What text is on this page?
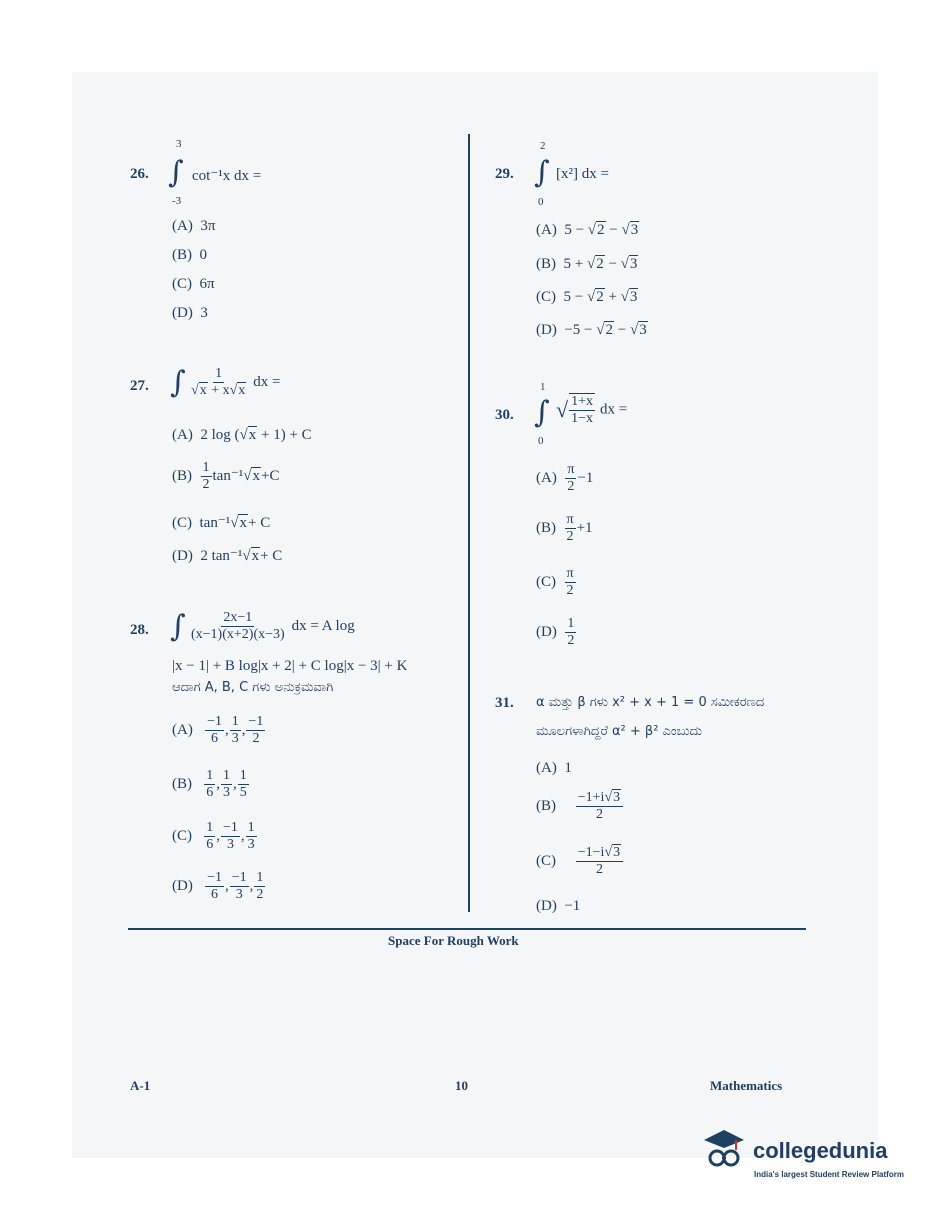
3
26. ∫ cot⁻¹x dx =
-3
(A) 3π
(B) 0
(C) 6π
(D) 3
27. ∫ $\frac{1}{√x + x√x}$ dx =
(A) 2 log (√x + 1) + C
$(B) \frac{1}{2} \tan^{-1}√x+C$
(C) tan⁻¹√x+ C
(D) 2 tan⁻¹√x+ C
28. ∫ $\frac{2x-1}{(x-1)(x+2)(x-3)}$ dx = A log
|x − 1| + B log|x + 2| + C log|x − 3| + K
ಆದಾಗ A, B, C ಗಳು ಅನುಕ್ರಮವಾಗಿ
$(A) \frac{-1}{6}$ , $\frac{1}{3}$ , $\frac{-1}{2}$
$(B) \frac{1}{6}$ , $\frac{1}{3}$ , $\frac{1}{5}$
$(C) \frac{1}{6}$ , $\frac{-1}{3}$ , $\frac{1}{3}$
$(D) \frac{-1}{6}$ , $\frac{-1}{3}$ , $\frac{1}{2}$
2
29. ∫ [x²] dx =
0
(A) 5 − √2 − √3
(B) 5 + √2 − √3
(C) 5 − √2 + √3
(D) −5 − √2 − √3
1
30. ∫ √ $\frac{1+x}{1-x}$ dx =
0
$(A) \frac{\pi}{2} -1$
$(B) \frac{\pi}{2} +1$
$(C) \frac{\pi}{2}$
$(D) \frac{1}{2}$
31. α ಮತ್ತು β ಗಳು x² + x + 1 = 0 ಸಮೀಕರಣದ
ಮೂಲಗಳಾಗಿದ್ದರೆ α² + β² ಎಂಬುದು
(A) 1
$(B) \frac{-1+i√3}{2}$
$(C) \frac{-1-i√3}{2}$
(D) −1
Space For Rough Work
A-1	10	Mathematics
collegedunia
India's largest Student Review Platform
